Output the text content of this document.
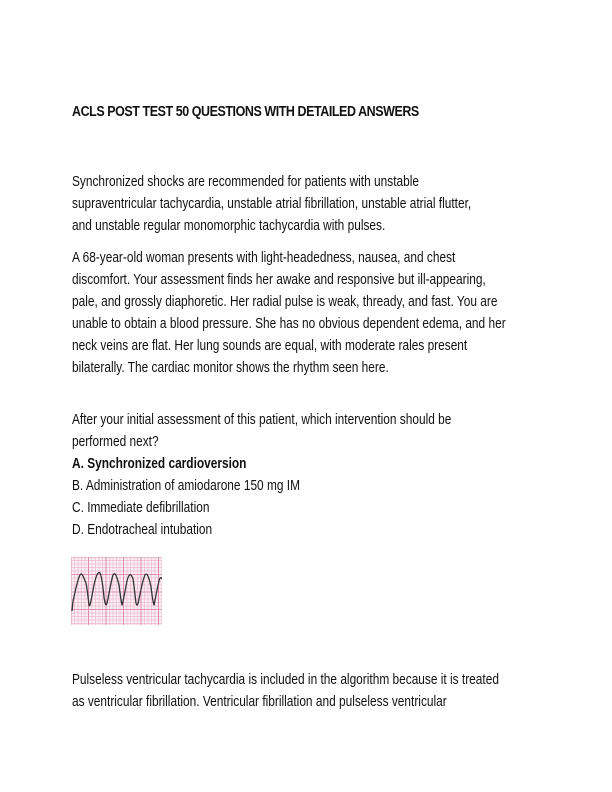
ACLS POST TEST 50 QUESTIONS WITH DETAILED ANSWERS
Synchronized shocks are recommended for patients with unstable
supraventricular tachycardia, unstable atrial fibrillation, unstable atrial flutter,
and unstable regular monomorphic tachycardia with pulses.
A 68-year-old woman presents with light-headedness, nausea, and chest
discomfort. Your assessment finds her awake and responsive but ill-appearing,
pale, and grossly diaphoretic. Her radial pulse is weak, thready, and fast. You are
unable to obtain a blood pressure. She has no obvious dependent edema, and her
neck veins are flat. Her lung sounds are equal, with moderate rales present
bilaterally. The cardiac monitor shows the rhythm seen here.
After your initial assessment of this patient, which intervention should be
performed next?
A. Synchronized cardioversion
B. Administration of amiodarone 150 mg IM
C. Immediate defibrillation
D. Endotracheal intubation
Pulseless ventricular tachycardia is included in the algorithm because it is treated
as ventricular fibrillation. Ventricular fibrillation and pulseless ventricular
